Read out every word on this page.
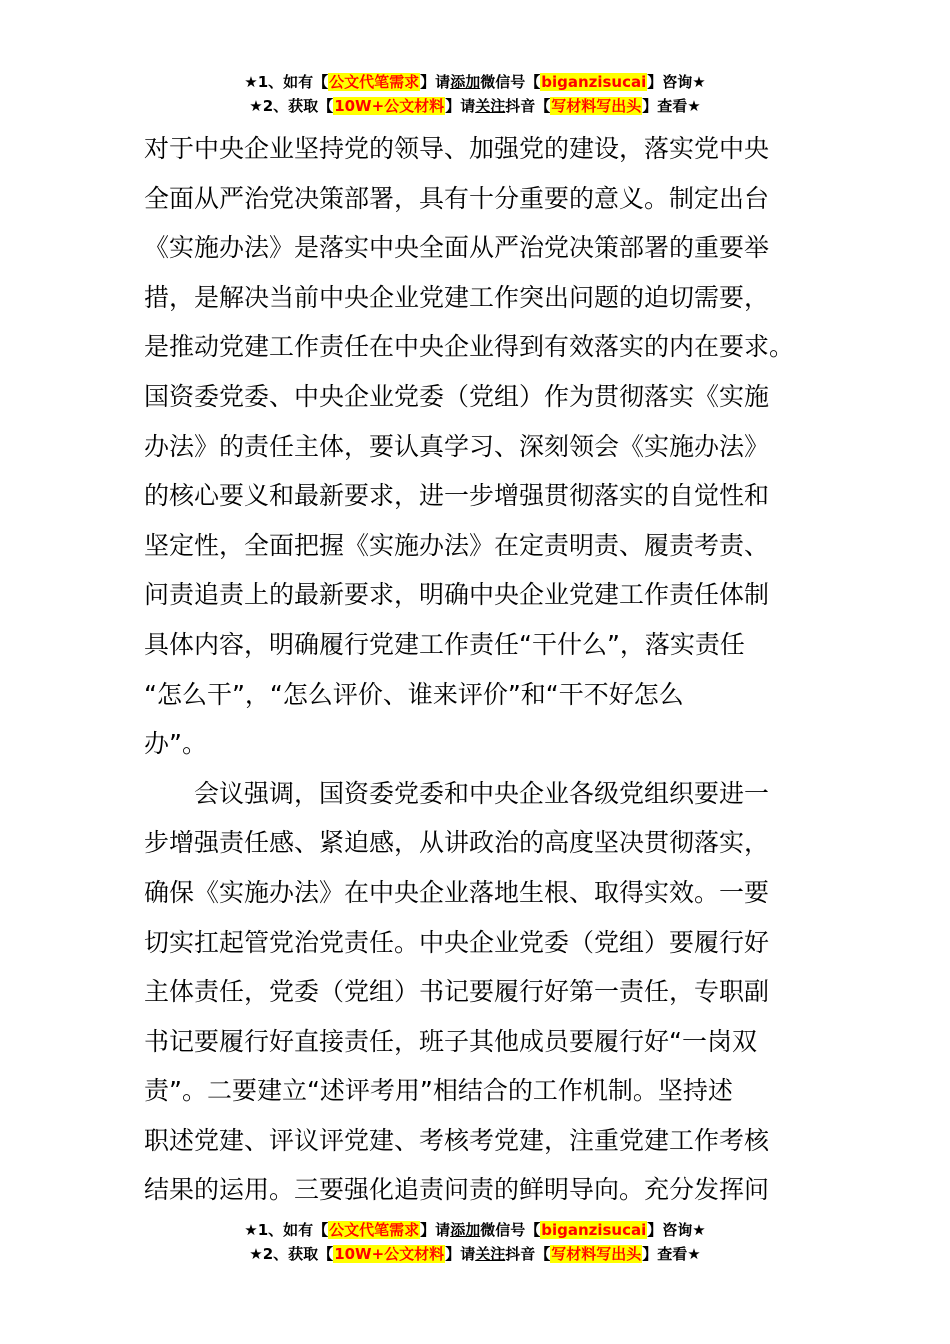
★1、如有【公文代笔需求】请添加微信号【biganzisucai】咨询★
★2、获取【10W+公文材料】请关注抖音【写材料写出头】查看★
对于中央企业坚持党的领导、加强党的建设，落实党中央
全面从严治党决策部署，具有十分重要的意义。制定出台
《实施办法》是落实中央全面从严治党决策部署的重要举
措，是解决当前中央企业党建工作突出问题的迫切需要，
是推动党建工作责任在中央企业得到有效落实的内在要求。
国资委党委、中央企业党委（党组）作为贯彻落实《实施
办法》的责任主体，要认真学习、深刻领会《实施办法》
的核心要义和最新要求，进一步增强贯彻落实的自觉性和
坚定性，全面把握《实施办法》在定责明责、履责考责、
问责追责上的最新要求，明确中央企业党建工作责任体制
具体内容，明确履行党建工作责任“干什么”，落实责任
“怎么干”，“怎么评价、谁来评价”和“干不好怎么
办”。
　　会议强调，国资委党委和中央企业各级党组织要进一
步增强责任感、紧迫感，从讲政治的高度坚决贯彻落实，
确保《实施办法》在中央企业落地生根、取得实效。一要
切实扛起管党治党责任。中央企业党委（党组）要履行好
主体责任，党委（党组）书记要履行好第一责任，专职副
书记要履行好直接责任，班子其他成员要履行好“一岗双
责”。二要建立“述评考用”相结合的工作机制。坚持述
职述党建、评议评党建、考核考党建，注重党建工作考核
结果的运用。三要强化追责问责的鲜明导向。充分发挥问
★1、如有【公文代笔需求】请添加微信号【biganzisucai】咨询★
★2、获取【10W+公文材料】请关注抖音【写材料写出头】查看★
